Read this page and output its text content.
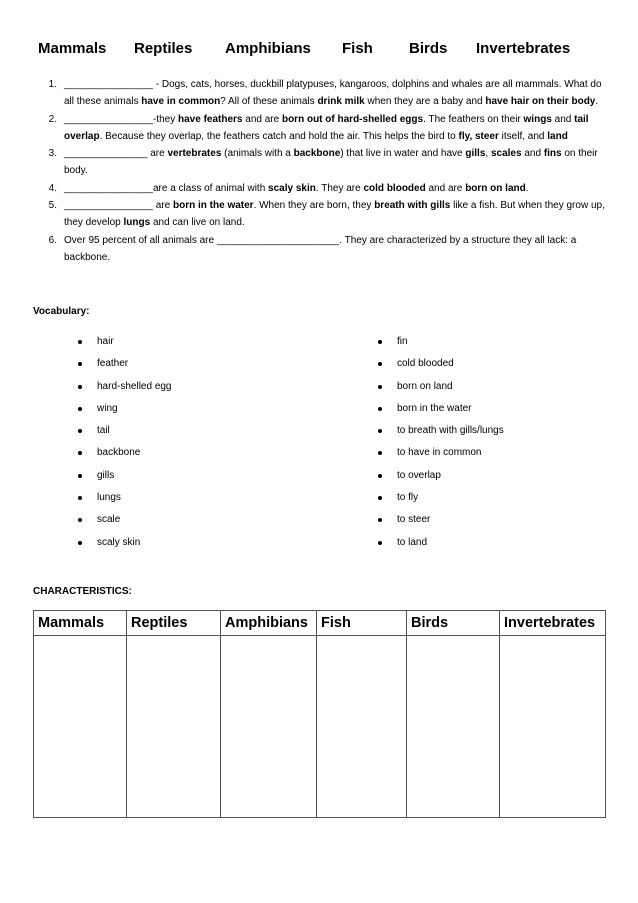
Mammals Reptiles Amphibians Fish Birds Invertebrates
1. ________________ - Dogs, cats, horses, duckbill platypuses, kangaroos, dolphins and whales are all mammals. What do all these animals have in common? All of these animals drink milk when they are a baby and have hair on their body.
2. ________________-they have feathers and are born out of hard-shelled eggs. The feathers on their wings and tail overlap. Because they overlap, the feathers catch and hold the air. This helps the bird to fly, steer itself, and land
3. _______________ are vertebrates (animals with a backbone) that live in water and have gills, scales and fins on their body.
4. ________________are a class of animal with scaly skin. They are cold blooded and are born on land.
5. ________________ are born in the water. When they are born, they breath with gills like a fish. But when they grow up, they develop lungs and can live on land.
6. Over 95 percent of all animals are ______________________. They are characterized by a structure they all lack: a backbone.
Vocabulary:
hair
feather
hard-shelled egg
wing
tail
backbone
gills
lungs
scale
scaly skin
fin
cold blooded
born on land
born in the water
to breath with gills/lungs
to have in common
to overlap
to fly
to steer
to land
CHARACTERISTICS:
Mammals	Reptiles	Amphibians	Fish	Birds	Invertebrates
